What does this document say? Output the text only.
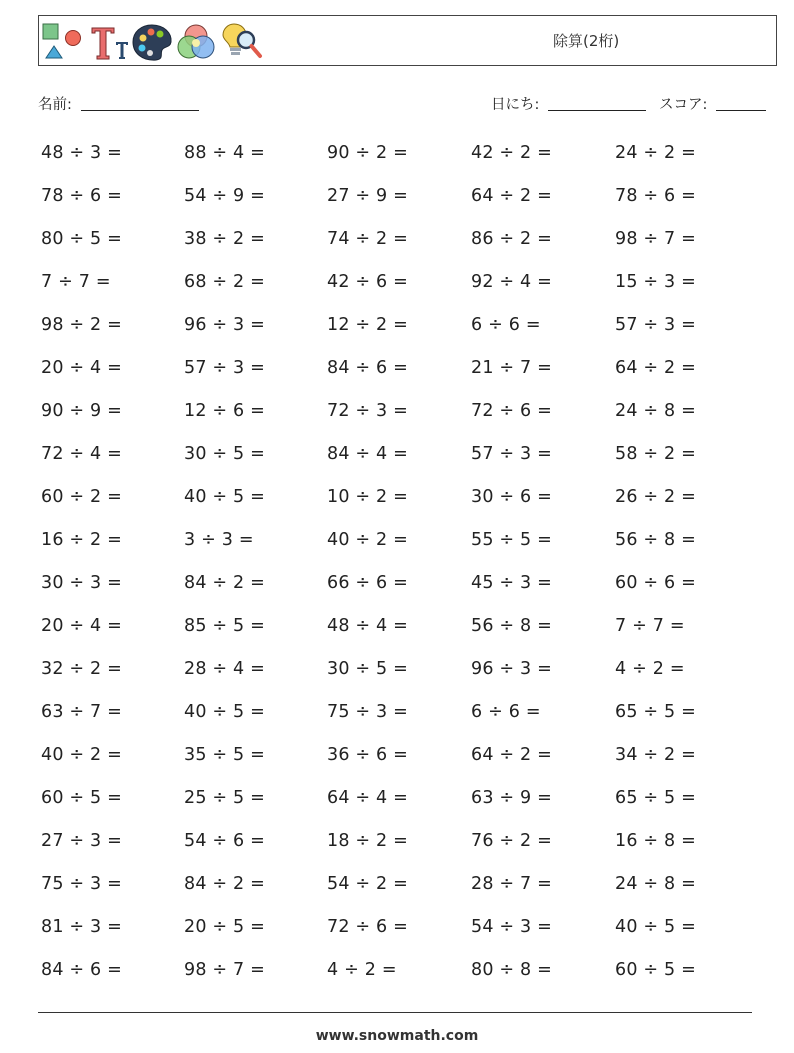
除算(2桁)
名前:	日にち:	スコア:
48 ÷ 3 =	88 ÷ 4 =	90 ÷ 2 =	42 ÷ 2 =	24 ÷ 2 =
78 ÷ 6 =	54 ÷ 9 =	27 ÷ 9 =	64 ÷ 2 =	78 ÷ 6 =
80 ÷ 5 =	38 ÷ 2 =	74 ÷ 2 =	86 ÷ 2 =	98 ÷ 7 =
7 ÷ 7 =	68 ÷ 2 =	42 ÷ 6 =	92 ÷ 4 =	15 ÷ 3 =
98 ÷ 2 =	96 ÷ 3 =	12 ÷ 2 =	6 ÷ 6 =	57 ÷ 3 =
20 ÷ 4 =	57 ÷ 3 =	84 ÷ 6 =	21 ÷ 7 =	64 ÷ 2 =
90 ÷ 9 =	12 ÷ 6 =	72 ÷ 3 =	72 ÷ 6 =	24 ÷ 8 =
72 ÷ 4 =	30 ÷ 5 =	84 ÷ 4 =	57 ÷ 3 =	58 ÷ 2 =
60 ÷ 2 =	40 ÷ 5 =	10 ÷ 2 =	30 ÷ 6 =	26 ÷ 2 =
16 ÷ 2 =	3 ÷ 3 =	40 ÷ 2 =	55 ÷ 5 =	56 ÷ 8 =
30 ÷ 3 =	84 ÷ 2 =	66 ÷ 6 =	45 ÷ 3 =	60 ÷ 6 =
20 ÷ 4 =	85 ÷ 5 =	48 ÷ 4 =	56 ÷ 8 =	7 ÷ 7 =
32 ÷ 2 =	28 ÷ 4 =	30 ÷ 5 =	96 ÷ 3 =	4 ÷ 2 =
63 ÷ 7 =	40 ÷ 5 =	75 ÷ 3 =	6 ÷ 6 =	65 ÷ 5 =
40 ÷ 2 =	35 ÷ 5 =	36 ÷ 6 =	64 ÷ 2 =	34 ÷ 2 =
60 ÷ 5 =	25 ÷ 5 =	64 ÷ 4 =	63 ÷ 9 =	65 ÷ 5 =
27 ÷ 3 =	54 ÷ 6 =	18 ÷ 2 =	76 ÷ 2 =	16 ÷ 8 =
75 ÷ 3 =	84 ÷ 2 =	54 ÷ 2 =	28 ÷ 7 =	24 ÷ 8 =
81 ÷ 3 =	20 ÷ 5 =	72 ÷ 6 =	54 ÷ 3 =	40 ÷ 5 =
84 ÷ 6 =	98 ÷ 7 =	4 ÷ 2 =	80 ÷ 8 =	60 ÷ 5 =
www.snowmath.com
